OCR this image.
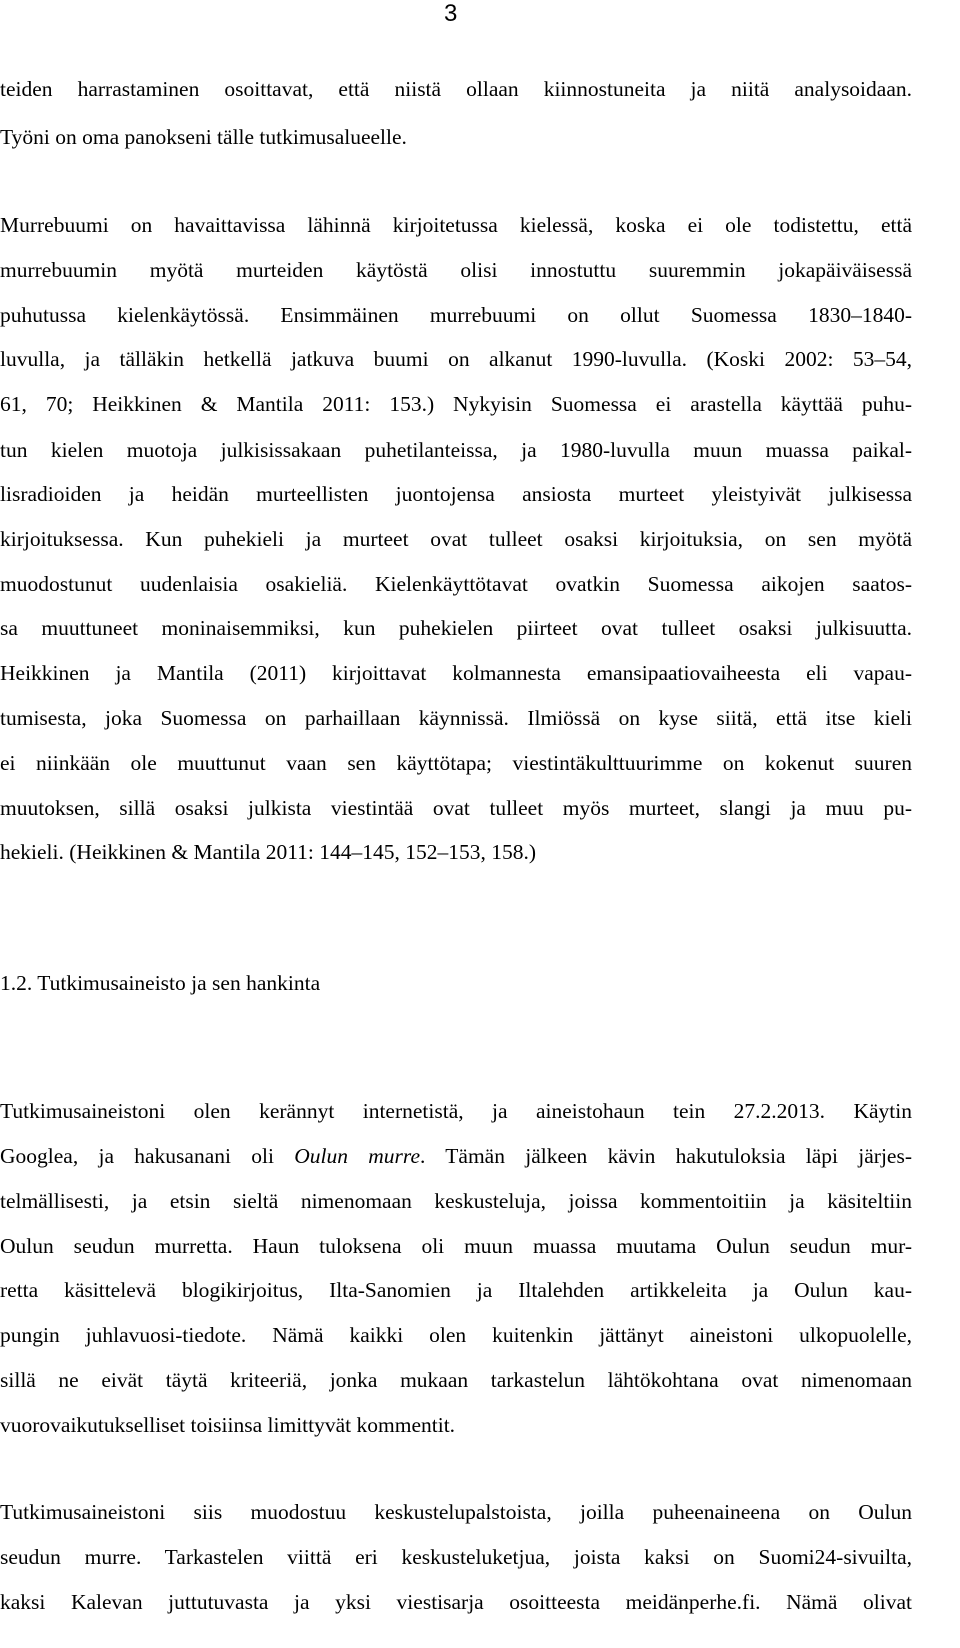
3
teiden harrastaminen osoittavat, että niistä ollaan kiinnostuneita ja niitä analysoidaan.
Työni on oma panokseni tälle tutkimusalueelle.
Murrebuumi on havaittavissa lähinnä kirjoitetussa kielessä, koska ei ole todistettu, että
murrebuumin myötä murteiden käytöstä olisi innostuttu suuremmin jokapäiväisessä
puhutussa kielenkäytössä. Ensimmäinen murrebuumi on ollut Suomessa 1830–1840-
luvulla, ja tälläkin hetkellä jatkuva buumi on alkanut 1990-luvulla. (Koski 2002: 53–54,
61, 70; Heikkinen & Mantila 2011: 153.) Nykyisin Suomessa ei arastella käyttää puhu-
tun kielen muotoja julkisissakaan puhetilanteissa, ja 1980-luvulla muun muassa paikal-
lisradioiden ja heidän murteellisten juontojensa ansiosta murteet yleistyivät julkisessa
kirjoituksessa. Kun puhekieli ja murteet ovat tulleet osaksi kirjoituksia, on sen myötä
muodostunut uudenlaisia osakieliä. Kielenkäyttötavat ovatkin Suomessa aikojen saatos-
sa muuttuneet moninaisemmiksi, kun puhekielen piirteet ovat tulleet osaksi julkisuutta.
Heikkinen ja Mantila (2011) kirjoittavat kolmannesta emansipaatiovaiheesta eli vapau-
tumisesta, joka Suomessa on parhaillaan käynnissä. Ilmiössä on kyse siitä, että itse kieli
ei niinkään ole muuttunut vaan sen käyttötapa; viestintäkulttuurimme on kokenut suuren
muutoksen, sillä osaksi julkista viestintää ovat tulleet myös murteet, slangi ja muu pu-
hekieli. (Heikkinen & Mantila 2011: 144–145, 152–153, 158.)
1.2. Tutkimusaineisto ja sen hankinta
Tutkimusaineistoni olen kerännyt internetistä, ja aineistohaun tein 27.2.2013. Käytin
Googlea, ja hakusanani oli Oulun murre. Tämän jälkeen kävin hakutuloksia läpi järjes-
telmällisesti, ja etsin sieltä nimenomaan keskusteluja, joissa kommentoitiin ja käsiteltiin
Oulun seudun murretta. Haun tuloksena oli muun muassa muutama Oulun seudun mur-
retta käsittelevä blogikirjoitus, Ilta-Sanomien ja Iltalehden artikkeleita ja Oulun kau-
pungin juhlavuosi-tiedote. Nämä kaikki olen kuitenkin jättänyt aineistoni ulkopuolelle,
sillä ne eivät täytä kriteeriä, jonka mukaan tarkastelun lähtökohtana ovat nimenomaan
vuorovaikutukselliset toisiinsa limittyvät kommentit.
Tutkimusaineistoni siis muodostuu keskustelupalstoista, joilla puheenaineena on Oulun
seudun murre. Tarkastelen viittä eri keskusteluketjua, joista kaksi on Suomi24-sivuilta,
kaksi Kalevan juttutuvasta ja yksi viestisarja osoitteesta meidänperhe.fi. Nämä olivat
